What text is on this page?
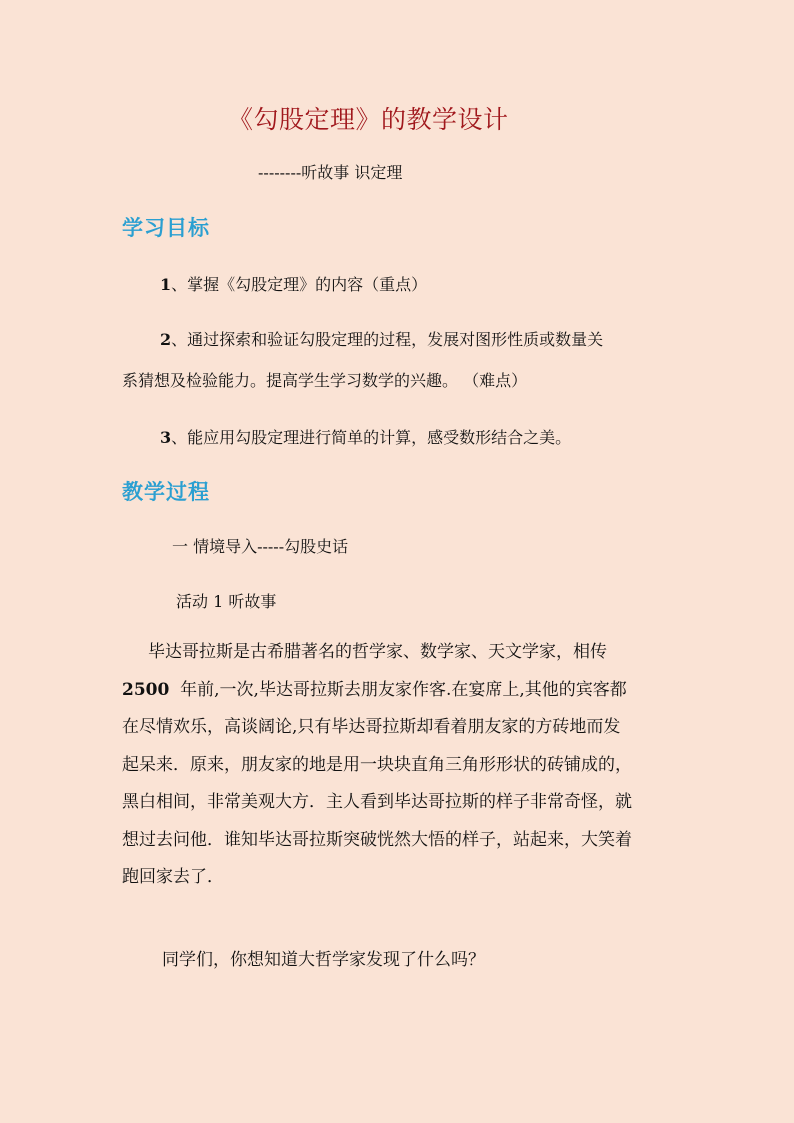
《勾股定理》的教学设计
--------听故事 识定理
学习目标
1、掌握《勾股定理》的内容（重点）
2、通过探索和验证勾股定理的过程，发展对图形性质或数量关
系猜想及检验能力。提高学生学习数学的兴趣。 （难点）
3、能应用勾股定理进行简单的计算，感受数形结合之美。
教学过程
一 情境导入-----勾股史话
活动 1 听故事
毕达哥拉斯是古希腊著名的哲学家、数学家、天文学家，相传
2500  年前,一次,毕达哥拉斯去朋友家作客.在宴席上,其他的宾客都
在尽情欢乐，高谈阔论,只有毕达哥拉斯却看着朋友家的方砖地而发
起呆来．原来，朋友家的地是用一块块直角三角形形状的砖铺成的，
黑白相间，非常美观大方．主人看到毕达哥拉斯的样子非常奇怪，就
想过去问他．谁知毕达哥拉斯突破恍然大悟的样子，站起来，大笑着
跑回家去了．
同学们，你想知道大哲学家发现了什么吗？
